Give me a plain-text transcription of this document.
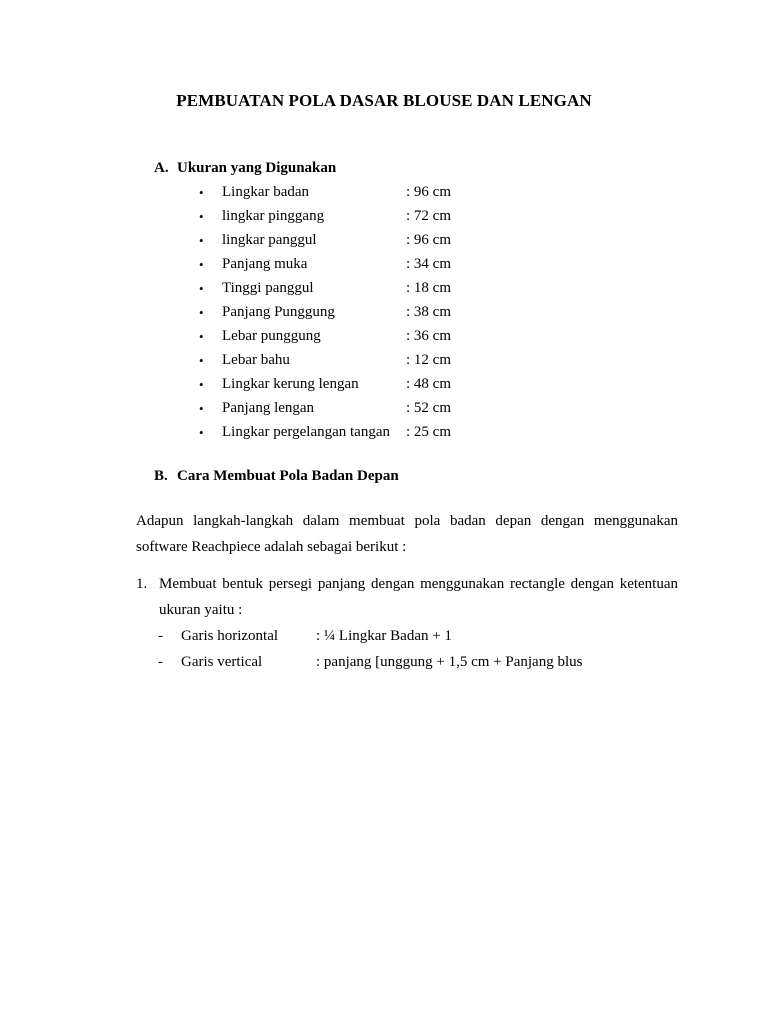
PEMBUATAN POLA DASAR BLOUSE DAN LENGAN
A. Ukuran yang Digunakan
• Lingkar badan	: 96 cm
• lingkar pinggang	: 72 cm
• lingkar panggul	: 96 cm
• Panjang muka	: 34 cm
• Tinggi panggul	: 18 cm
• Panjang Punggung	: 38 cm
• Lebar punggung	: 36 cm
• Lebar bahu	: 12 cm
• Lingkar kerung lengan	: 48 cm
• Panjang lengan	: 52 cm
• Lingkar pergelangan tangan : 25 cm
B. Cara Membuat Pola Badan Depan
Adapun langkah-langkah dalam membuat pola badan depan dengan menggunakan
software Reachpiece adalah sebagai berikut :
1. Membuat bentuk persegi panjang dengan menggunakan rectangle dengan ketentuan
ukuran yaitu :
- Garis horizontal	: ¼ Lingkar Badan + 1
- Garis vertical	: panjang [unggung + 1,5 cm + Panjang blus
